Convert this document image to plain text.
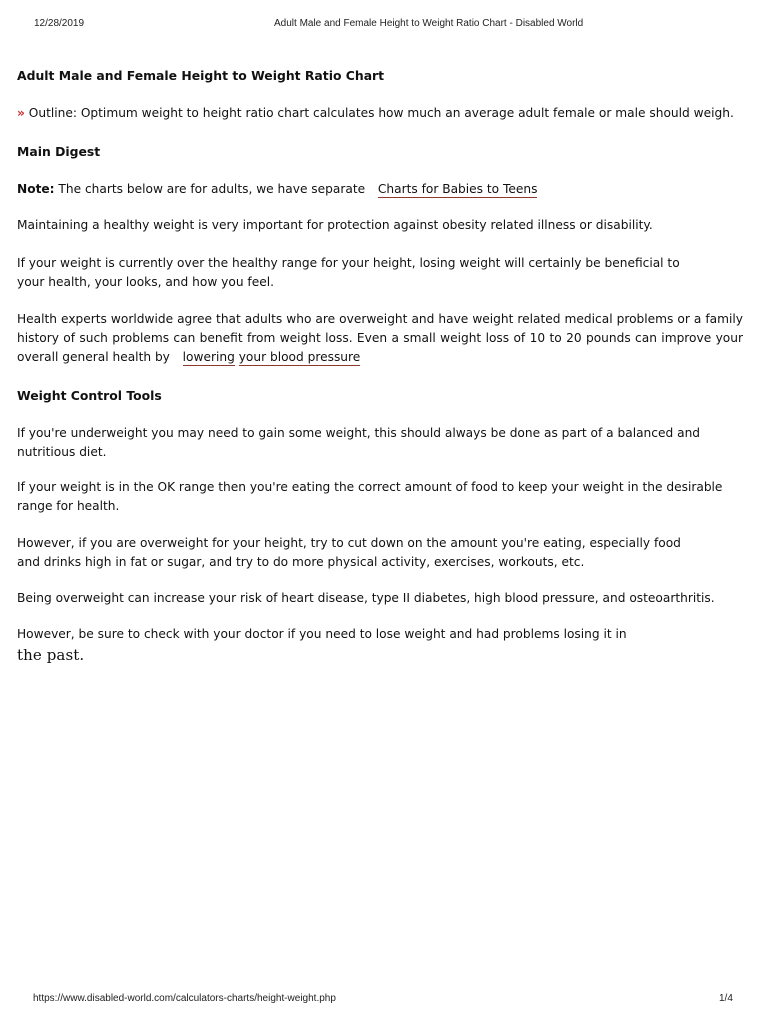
12/28/2019	Adult Male and Female Height to Weight Ratio Chart - Disabled World

Adult Male and Female Height to Weight Ratio Chart

» Outline: Optimum weight to height ratio chart calculates how much an average adult female or male should weigh.

Main Digest

Note: The charts below are for adults, we have separate Charts for Babies to Teens

Maintaining a healthy weight is very important for protection against obesity related illness or disability.

If your weight is currently over the healthy range for your height, losing weight will certainly be beneficial to
your health, your looks, and how you feel.

Health experts worldwide agree that adults who are overweight and have weight related medical problems or a family history of such problems can benefit from weight loss. Even a small weight loss of 10 to 20 pounds can improve your overall general health by lowering your blood pressure

Weight Control Tools

If you're underweight you may need to gain some weight, this should always be done as part of a balanced and nutritious diet.

If your weight is in the OK range then you're eating the correct amount of food to keep your weight in the desirable range for health.

However, if you are overweight for your height, try to cut down on the amount you're eating, especially food
and drinks high in fat or sugar, and try to do more physical activity, exercises, workouts, etc.

Being overweight can increase your risk of heart disease, type II diabetes, high blood pressure, and osteoarthritis.

However, be sure to check with your doctor if you need to lose weight and had problems losing it in

the past.

https://www.disabled-world.com/calculators-charts/height-weight.php	1/4
